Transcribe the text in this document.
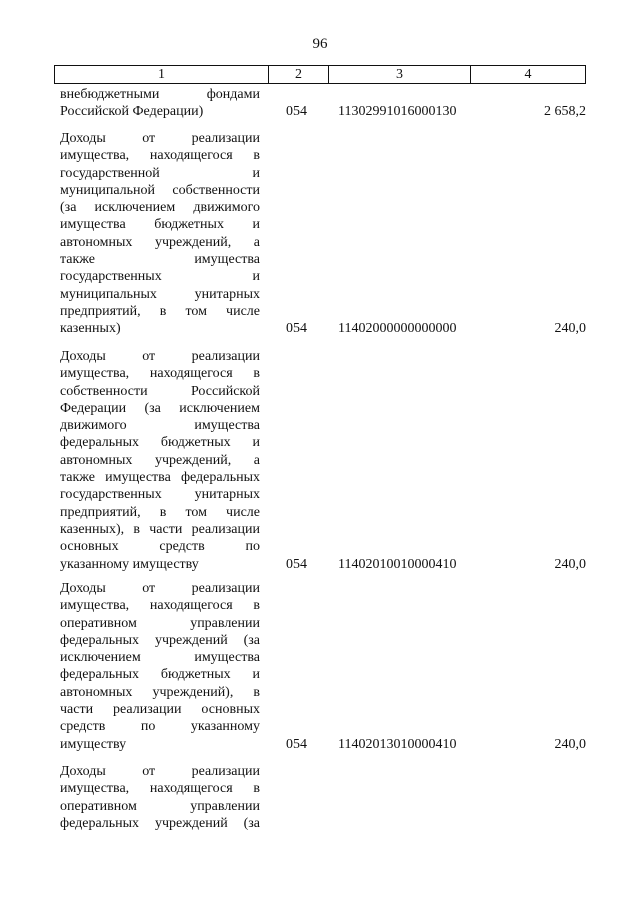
96
1	2	3	4
внебюджетными фондами
Российской Федерации)	054	11302991016000130	2 658,2
Доходы от реализации
имущества, находящегося в
государственной и
муниципальной собственности
(за исключением движимого
имущества бюджетных и
автономных учреждений, а
также имущества
государственных и
муниципальных унитарных
предприятий, в том числе
казенных)	054	11402000000000000	240,0
Доходы от реализации
имущества, находящегося в
собственности Российской
Федерации (за исключением
движимого имущества
федеральных бюджетных и
автономных учреждений, а
также имущества федеральных
государственных унитарных
предприятий, в том числе
казенных), в части реализации
основных средств по
указанному имуществу	054	11402010010000410	240,0
Доходы от реализации
имущества, находящегося в
оперативном управлении
федеральных учреждений (за
исключением имущества
федеральных бюджетных и
автономных учреждений), в
части реализации основных
средств по указанному
имуществу	054	11402013010000410	240,0
Доходы от реализации
имущества, находящегося в
оперативном управлении
федеральных учреждений (за
